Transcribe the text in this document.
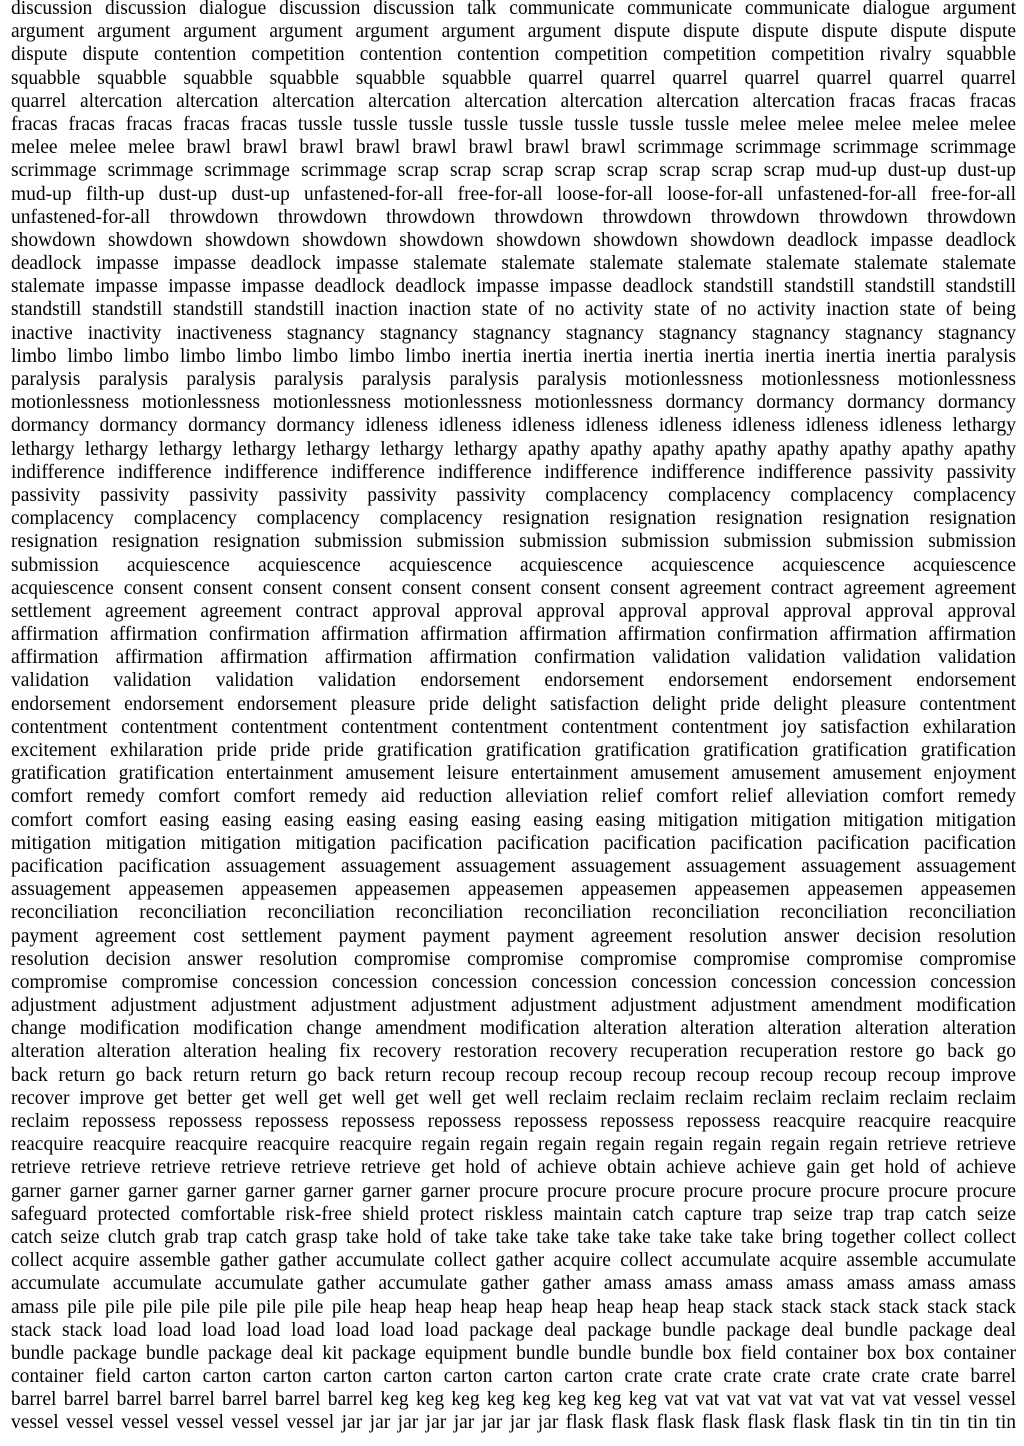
discussion discussion dialogue discussion discussion talk communicate communicate communicate dialogue argument
argument argument argument argument argument argument argument dispute dispute dispute dispute dispute dispute
dispute dispute contention competition contention contention competition competition competition rivalry squabble
squabble squabble squabble squabble squabble squabble quarrel quarrel quarrel quarrel quarrel quarrel quarrel
quarrel altercation altercation altercation altercation altercation altercation altercation altercation fracas fracas fracas
fracas fracas fracas fracas fracas tussle tussle tussle tussle tussle tussle tussle tussle melee melee melee melee melee
melee melee melee brawl brawl brawl brawl brawl brawl brawl brawl scrimmage scrimmage scrimmage scrimmage
scrimmage scrimmage scrimmage scrimmage scrap scrap scrap scrap scrap scrap scrap scrap mud-up dust-up dust-up
mud-up filth-up dust-up dust-up unfastened-for-all free-for-all loose-for-all loose-for-all unfastened-for-all free-for-all
unfastened-for-all throwdown throwdown throwdown throwdown throwdown throwdown throwdown throwdown
showdown showdown showdown showdown showdown showdown showdown showdown deadlock impasse deadlock
deadlock impasse impasse deadlock impasse stalemate stalemate stalemate stalemate stalemate stalemate stalemate
stalemate impasse impasse impasse deadlock deadlock impasse impasse deadlock standstill standstill standstill standstill
standstill standstill standstill standstill inaction inaction state of no activity state of no activity inaction state of being
inactive inactivity inactiveness stagnancy stagnancy stagnancy stagnancy stagnancy stagnancy stagnancy stagnancy
limbo limbo limbo limbo limbo limbo limbo limbo inertia inertia inertia inertia inertia inertia inertia inertia paralysis
paralysis paralysis paralysis paralysis paralysis paralysis paralysis motionlessness motionlessness motionlessness
motionlessness motionlessness motionlessness motionlessness motionlessness dormancy dormancy dormancy dormancy
dormancy dormancy dormancy dormancy idleness idleness idleness idleness idleness idleness idleness idleness lethargy
lethargy lethargy lethargy lethargy lethargy lethargy lethargy apathy apathy apathy apathy apathy apathy apathy apathy
indifference indifference indifference indifference indifference indifference indifference indifference passivity passivity
passivity passivity passivity passivity passivity passivity complacency complacency complacency complacency
complacency complacency complacency complacency resignation resignation resignation resignation resignation
resignation resignation resignation submission submission submission submission submission submission submission
submission acquiescence acquiescence acquiescence acquiescence acquiescence acquiescence acquiescence
acquiescence consent consent consent consent consent consent consent consent agreement contract agreement agreement
settlement agreement agreement contract approval approval approval approval approval approval approval approval
affirmation affirmation confirmation affirmation affirmation affirmation affirmation confirmation affirmation affirmation
affirmation affirmation affirmation affirmation affirmation confirmation validation validation validation validation
validation validation validation validation endorsement endorsement endorsement endorsement endorsement
endorsement endorsement endorsement pleasure pride delight satisfaction delight pride delight pleasure contentment
contentment contentment contentment contentment contentment contentment contentment joy satisfaction exhilaration
excitement exhilaration pride pride pride gratification gratification gratification gratification gratification gratification
gratification gratification entertainment amusement leisure entertainment amusement amusement amusement enjoyment
comfort remedy comfort comfort remedy aid reduction alleviation relief comfort relief alleviation comfort remedy
comfort comfort easing easing easing easing easing easing easing easing mitigation mitigation mitigation mitigation
mitigation mitigation mitigation mitigation pacification pacification pacification pacification pacification pacification
pacification pacification assuagement assuagement assuagement assuagement assuagement assuagement assuagement
assuagement appeasemen appeasemen appeasemen appeasemen appeasemen appeasemen appeasemen appeasemen
reconciliation reconciliation reconciliation reconciliation reconciliation reconciliation reconciliation reconciliation
payment agreement cost settlement payment payment payment agreement resolution answer decision resolution
resolution decision answer resolution compromise compromise compromise compromise compromise compromise
compromise compromise concession concession concession concession concession concession concession concession
adjustment adjustment adjustment adjustment adjustment adjustment adjustment adjustment amendment modification
change modification modification change amendment modification alteration alteration alteration alteration alteration
alteration alteration alteration healing fix recovery restoration recovery recuperation recuperation restore go back go
back return go back return return go back return recoup recoup recoup recoup recoup recoup recoup recoup improve
recover improve get better get well get well get well get well reclaim reclaim reclaim reclaim reclaim reclaim reclaim
reclaim repossess repossess repossess repossess repossess repossess repossess repossess reacquire reacquire reacquire
reacquire reacquire reacquire reacquire reacquire regain regain regain regain regain regain regain regain retrieve retrieve
retrieve retrieve retrieve retrieve retrieve retrieve get hold of achieve obtain achieve achieve gain get hold of achieve
garner garner garner garner garner garner garner garner procure procure procure procure procure procure procure procure
safeguard protected comfortable risk-free shield protect riskless maintain catch capture trap seize trap trap catch seize
catch seize clutch grab trap catch grasp take hold of take take take take take take take take bring together collect collect
collect acquire assemble gather gather accumulate collect gather acquire collect accumulate acquire assemble accumulate
accumulate accumulate accumulate gather accumulate gather gather amass amass amass amass amass amass amass
amass pile pile pile pile pile pile pile pile heap heap heap heap heap heap heap heap stack stack stack stack stack stack
stack stack load load load load load load load load package deal package bundle package deal bundle package deal
bundle package bundle package deal kit package equipment bundle bundle bundle box field container box box container
container field carton carton carton carton carton carton carton carton crate crate crate crate crate crate crate barrel
barrel barrel barrel barrel barrel barrel barrel keg keg keg keg keg keg keg keg vat vat vat vat vat vat vat vat vessel vessel
vessel vessel vessel vessel vessel vessel jar jar jar jar jar jar jar jar flask flask flask flask flask flask flask tin tin tin tin tin
